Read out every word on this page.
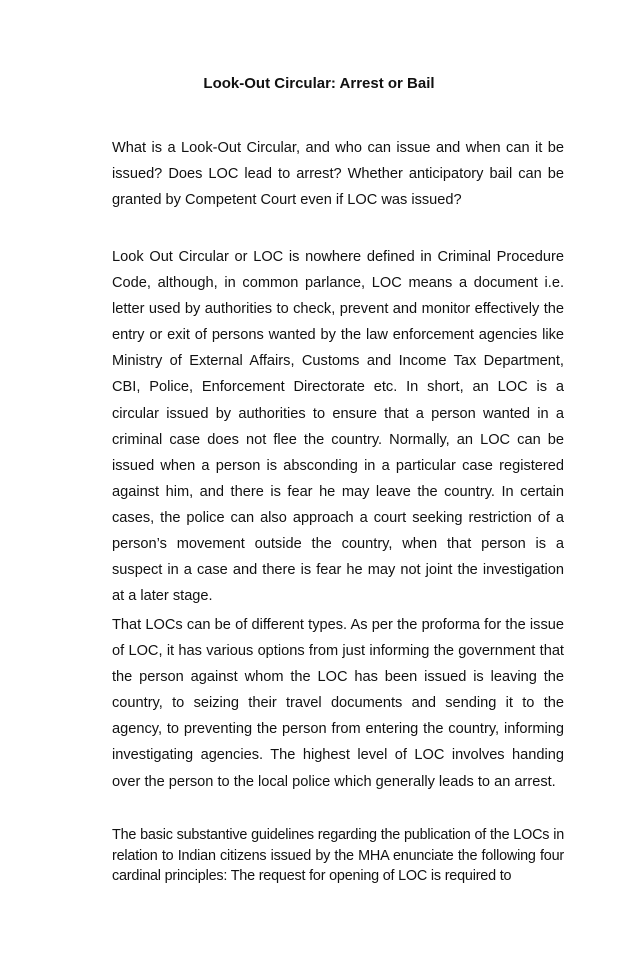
Look-Out Circular: Arrest or Bail

What is a Look-Out Circular, and who can issue and when can it be issued? Does LOC lead to arrest? Whether anticipatory bail can be granted by Competent Court even if LOC was issued?

Look Out Circular or LOC is nowhere defined in Criminal Procedure Code, although, in common parlance, LOC means a document i.e. letter used by authorities to check, prevent and monitor effectively the entry or exit of persons wanted by the law enforcement agencies like Ministry of External Affairs, Customs and Income Tax Department, CBI, Police, Enforcement Directorate etc. In short, an LOC is a circular issued by authorities to ensure that a person wanted in a criminal case does not flee the country. Normally, an LOC can be issued when a person is absconding in a particular case registered against him, and there is fear he may leave the country. In certain cases, the police can also approach a court seeking restriction of a person’s movement outside the country, when that person is a suspect in a case and there is fear he may not joint the investigation at a later stage.

That LOCs can be of different types. As per the proforma for the issue of LOC, it has various options from just informing the government that the person against whom the LOC has been issued is leaving the country, to seizing their travel documents and sending it to the agency, to preventing the person from entering the country, informing investigating agencies. The highest level of LOC involves handing over the person to the local police which generally leads to an arrest.

The basic substantive guidelines regarding the publication of the LOCs in relation to Indian citizens issued by the MHA enunciate the following four cardinal principles: The request for opening of LOC is required to
